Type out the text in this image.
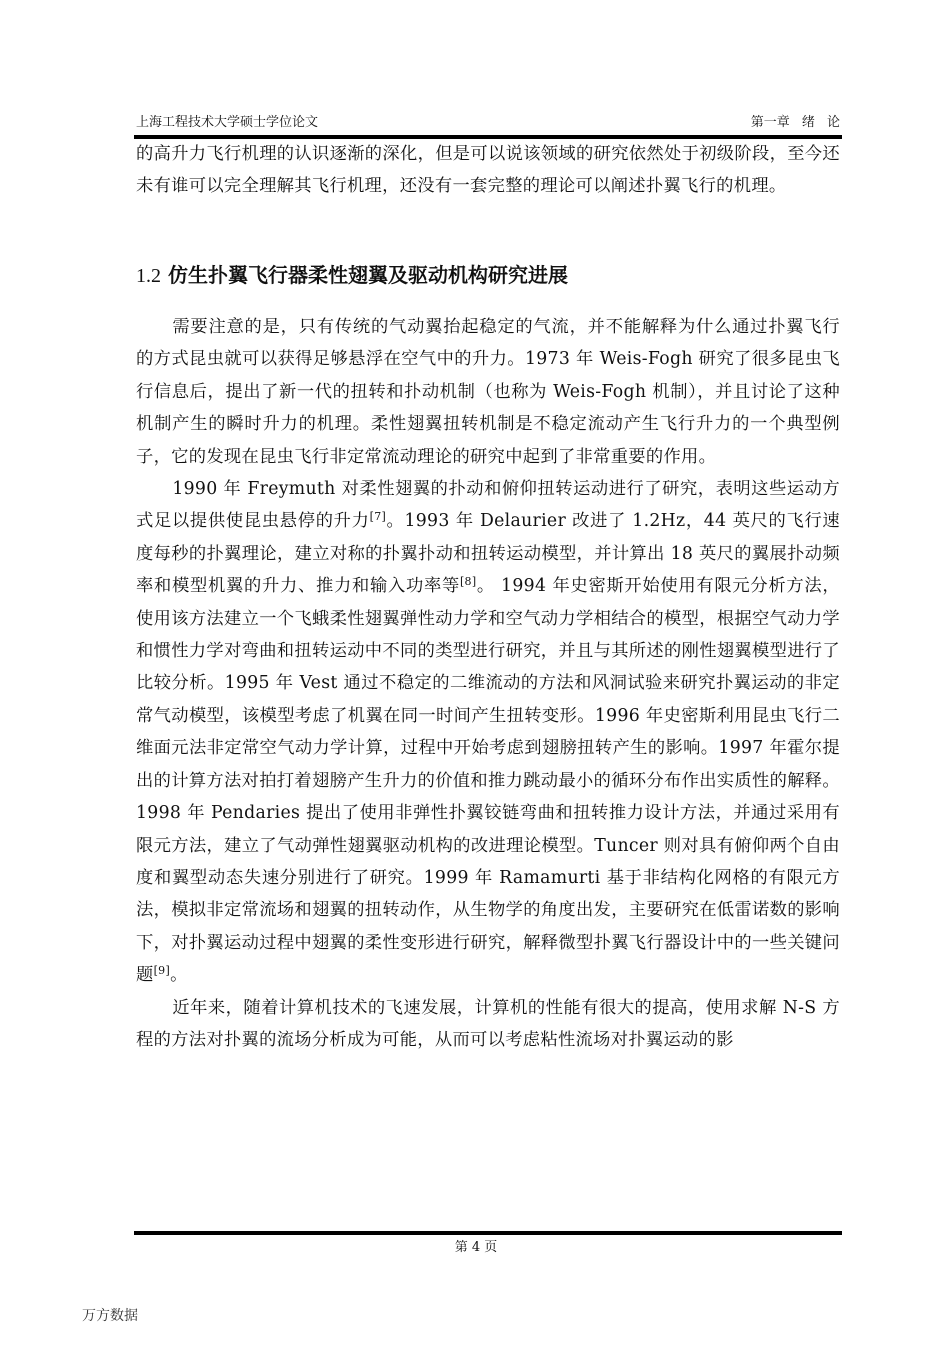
上海工程技术大学硕士学位论文	第一章 绪 论

的高升力飞行机理的认识逐渐的深化，但是可以说该领域的研究依然处于初级阶段，至今还未有谁可以完全理解其飞行机理，还没有一套完整的理论可以阐述扑翼飞行的机理。

1.2 仿生扑翼飞行器柔性翅翼及驱动机构研究进展

需要注意的是，只有传统的气动翼抬起稳定的气流，并不能解释为什么通过扑翼飞行的方式昆虫就可以获得足够悬浮在空气中的升力。1973 年 Weis-Fogh 研究了很多昆虫飞行信息后，提出了新一代的扭转和扑动机制（也称为 Weis-Fogh 机制），并且讨论了这种机制产生的瞬时升力的机理。柔性翅翼扭转机制是不稳定流动产生飞行升力的一个典型例子，它的发现在昆虫飞行非定常流动理论的研究中起到了非常重要的作用。

1990 年 Freymuth 对柔性翅翼的扑动和俯仰扭转运动进行了研究，表明这些运动方式足以提供使昆虫悬停的升力[7]。1993 年 Delaurier 改进了 1.2Hz，44 英尺的飞行速度每秒的扑翼理论，建立对称的扑翼扑动和扭转运动模型，并计算出 18 英尺的翼展扑动频率和模型机翼的升力、推力和输入功率等[8]。 1994 年史密斯开始使用有限元分析方法，使用该方法建立一个飞蛾柔性翅翼弹性动力学和空气动力学相结合的模型，根据空气动力学和惯性力学对弯曲和扭转运动中不同的类型进行研究，并且与其所述的刚性翅翼模型进行了比较分析。1995 年 Vest 通过不稳定的二维流动的方法和风洞试验来研究扑翼运动的非定常气动模型，该模型考虑了机翼在同一时间产生扭转变形。1996 年史密斯利用昆虫飞行二维面元法非定常空气动力学计算，过程中开始考虑到翅膀扭转产生的影响。1997 年霍尔提出的计算方法对拍打着翅膀产生升力的价值和推力跳动最小的循环分布作出实质性的解释。1998 年 Pendaries 提出了使用非弹性扑翼铰链弯曲和扭转推力设计方法，并通过采用有限元方法，建立了气动弹性翅翼驱动机构的改进理论模型。Tuncer 则对具有俯仰两个自由度和翼型动态失速分别进行了研究。1999 年 Ramamurti 基于非结构化网格的有限元方法，模拟非定常流场和翅翼的扭转动作，从生物学的角度出发，主要研究在低雷诺数的影响下，对扑翼运动过程中翅翼的柔性变形进行研究，解释微型扑翼飞行器设计中的一些关键问题[9]。

近年来，随着计算机技术的飞速发展，计算机的性能有很大的提高，使用求解 N-S 方程的方法对扑翼的流场分析成为可能，从而可以考虑粘性流场对扑翼运动的影

第 4 页
万方数据
